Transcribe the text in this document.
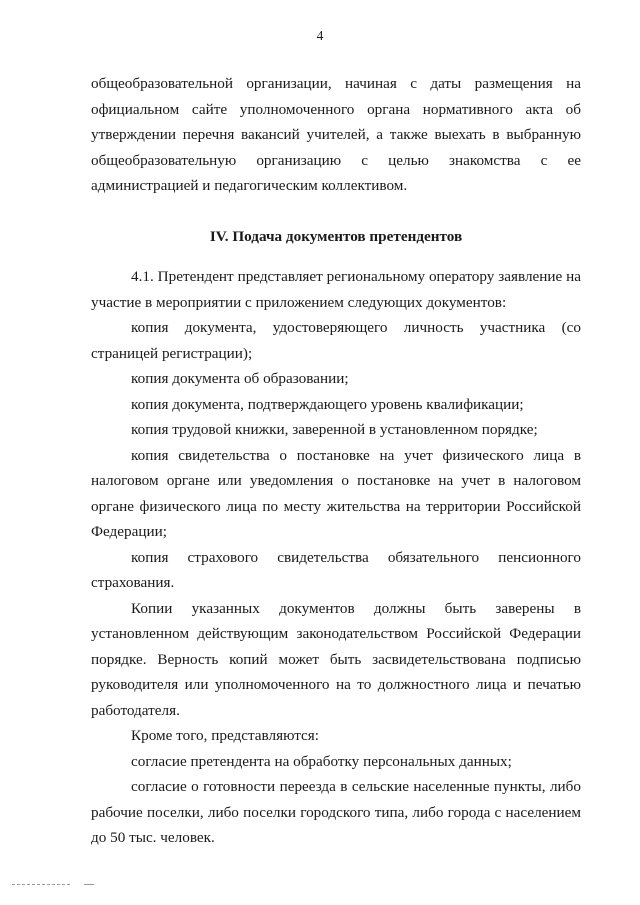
4

общеобразовательной организации, начиная с даты размещения на официальном сайте уполномоченного органа нормативного акта об утверждении перечня вакансий учителей, а также выехать в выбранную общеобразовательную организацию с целью знакомства с ее администрацией и педагогическим коллективом.

IV. Подача документов претендентов

4.1. Претендент представляет региональному оператору заявление на участие в мероприятии с приложением следующих документов:

копия документа, удостоверяющего личность участника (со страницей регистрации);

копия документа об образовании;

копия документа, подтверждающего уровень квалификации;

копия трудовой книжки, заверенной в установленном порядке;

копия свидетельства о постановке на учет физического лица в налоговом органе или уведомления о постановке на учет в налоговом органе физического лица по месту жительства на территории Российской Федерации;

копия страхового свидетельства обязательного пенсионного страхования.

Копии указанных документов должны быть заверены в установленном действующим законодательством Российской Федерации порядке. Верность копий может быть засвидетельствована подписью руководителя или уполномоченного на то должностного лица и печатью работодателя.

Кроме того, представляются:

согласие претендента на обработку персональных данных;

согласие о готовности переезда в сельские населенные пункты, либо рабочие поселки, либо поселки городского типа, либо города с населением до 50 тыс. человек.
